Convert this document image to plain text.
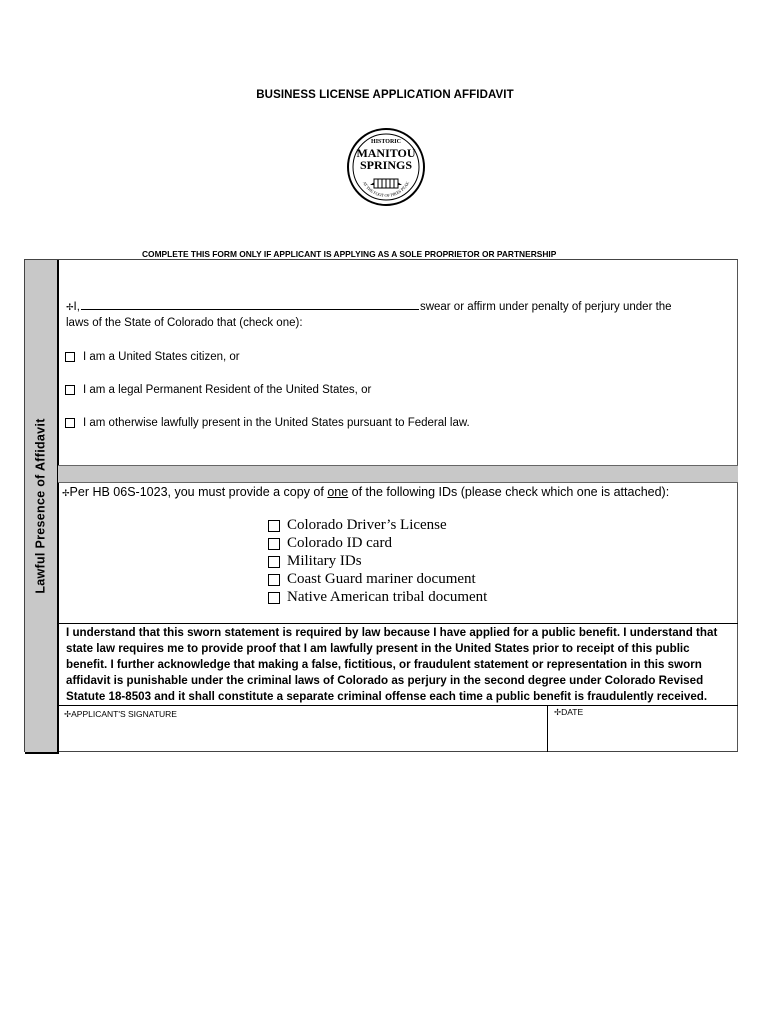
BUSINESS LICENSE APPLICATION AFFIDAVIT
HISTORIC
MANITOU
SPRINGS
AT THE FOOT OF PIKES PEAK
COMPLETE THIS FORM ONLY IF APPLICANT IS APPLYING AS A SOLE PROPRIETOR OR PARTNERSHIP
Lawful Presence of Affidavit
✢I,	swear or affirm under penalty of perjury under the
laws of the State of Colorado that (check one):
I am a United States citizen, or
I am a legal Permanent Resident of the United States, or
I am otherwise lawfully present in the United States pursuant to Federal law.
✢Per HB 06S-1023, you must provide a copy of one of the following IDs (please check which one is attached):
Colorado Driver’s License
Colorado ID card
Military IDs
Coast Guard mariner document
Native American tribal document
I understand that this sworn statement is required by law because I have applied for a public benefit. I understand that state law requires me to provide proof that I am lawfully present in the United States prior to receipt of this public benefit. I further acknowledge that making a false, fictitious, or fraudulent statement or representation in this sworn affidavit is punishable under the criminal laws of Colorado as perjury in the second degree under Colorado Revised Statute 18-8503 and it shall constitute a separate criminal offense each time a public benefit is fraudulently received.
✢APPLICANT'S SIGNATURE	✢DATE
